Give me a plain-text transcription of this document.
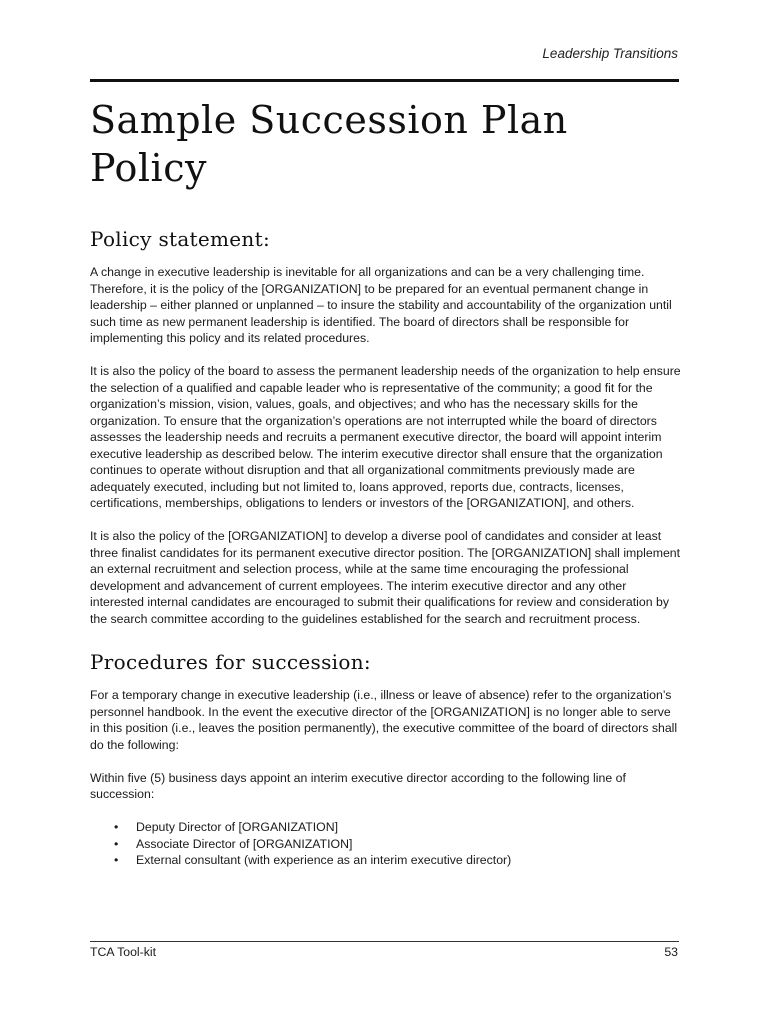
Leadership Transitions
Sample Succession Plan Policy
Policy statement:

A change in executive leadership is inevitable for all organizations and can be a very challenging time. Therefore, it is the policy of the [ORGANIZATION] to be prepared for an eventual permanent change in leadership – either planned or unplanned – to insure the stability and accountability of the organization until such time as new permanent leadership is identified. The board of directors shall be responsible for implementing this policy and its related procedures.

It is also the policy of the board to assess the permanent leadership needs of the organization to help ensure the selection of a qualified and capable leader who is representative of the community; a good fit for the organization’s mission, vision, values, goals, and objectives; and who has the necessary skills for the organization. To ensure that the organization’s operations are not interrupted while the board of directors assesses the leadership needs and recruits a permanent executive director, the board will appoint interim executive leadership as described below. The interim executive director shall ensure that the organization continues to operate without disruption and that all organizational commitments previously made are adequately executed, including but not limited to, loans approved, reports due, contracts, licenses, certifications, memberships, obligations to lenders or investors of the [ORGANIZATION], and others.

It is also the policy of the [ORGANIZATION] to develop a diverse pool of candidates and consider at least three finalist candidates for its permanent executive director position. The [ORGANIZATION] shall implement an external recruitment and selection process, while at the same time encouraging the professional development and advancement of current employees. The interim executive director and any other interested internal candidates are encouraged to submit their qualifications for review and consideration by the search committee according to the guidelines established for the search and recruitment process.

Procedures for succession:

For a temporary change in executive leadership (i.e., illness or leave of absence) refer to the organization’s personnel handbook. In the event the executive director of the [ORGANIZATION] is no longer able to serve in this position (i.e., leaves the position permanently), the executive committee of the board of directors shall do the following:

Within five (5) business days appoint an interim executive director according to the following line of succession:

• Deputy Director of [ORGANIZATION]
• Associate Director of [ORGANIZATION]
• External consultant (with experience as an interim executive director)
TCA Tool-kit	53
